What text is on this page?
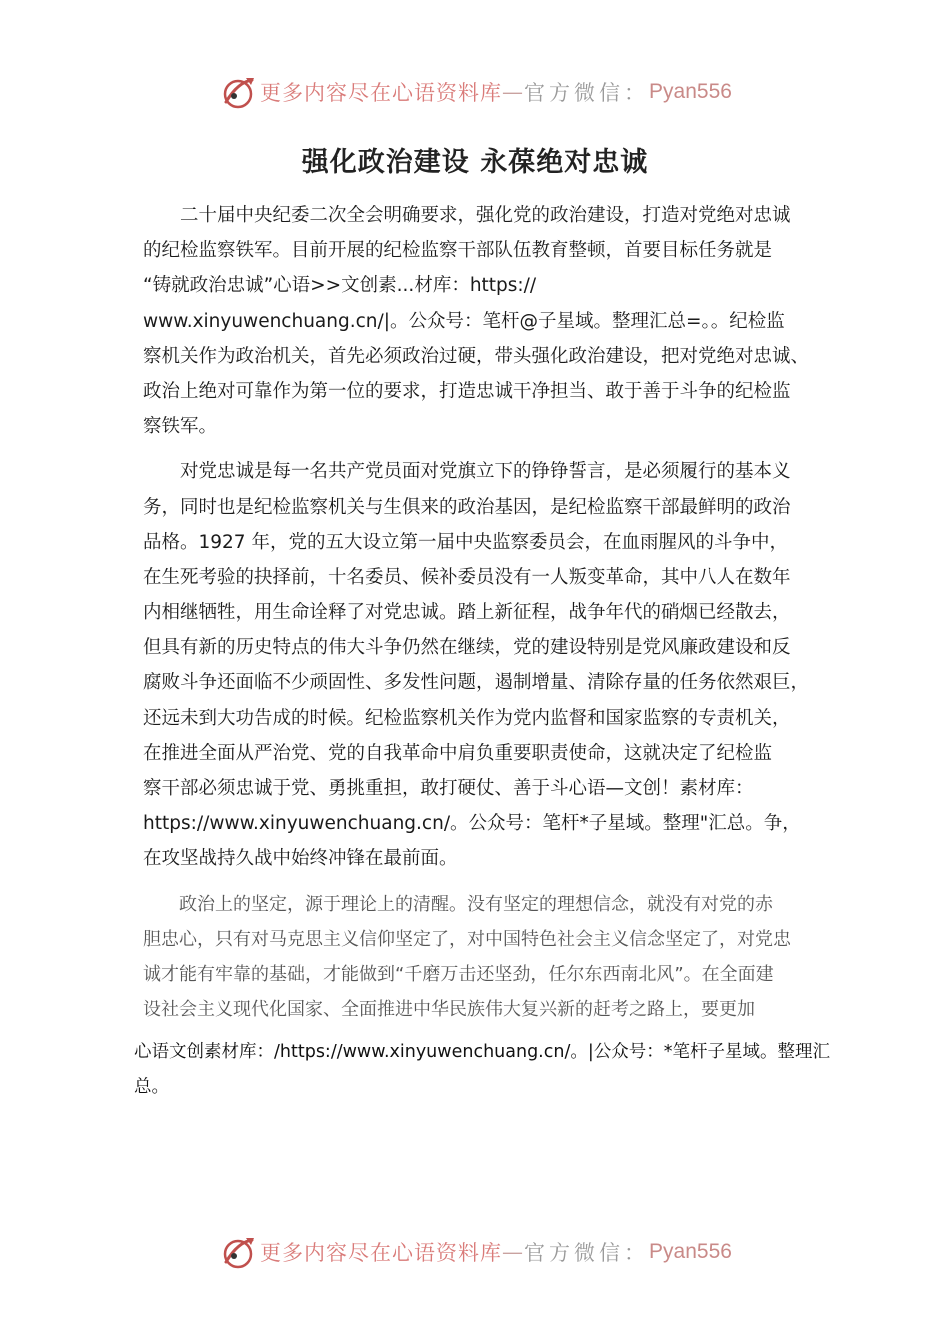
更多内容尽在心语资料库 — 官方微信： Pyan556
强化政治建设 永葆绝对忠诚
　　二十届中央纪委二次全会明确要求，强化党的政治建设，打造对党绝对忠诚
的纪检监察铁军。目前开展的纪检监察干部队伍教育整顿，首要目标任务就是
“铸就政治忠诚”心语>>文创素...材库：https://
www.xinyuwenchuang.cn/|。公众号：笔杆@子星域。整理汇总=。。纪检监
察机关作为政治机关，首先必须政治过硬，带头强化政治建设，把对党绝对忠诚、
政治上绝对可靠作为第一位的要求，打造忠诚干净担当、敢于善于斗争的纪检监
察铁军。
　　对党忠诚是每一名共产党员面对党旗立下的铮铮誓言，是必须履行的基本义
务，同时也是纪检监察机关与生俱来的政治基因，是纪检监察干部最鲜明的政治
品格。1927 年，党的五大设立第一届中央监察委员会，在血雨腥风的斗争中，
在生死考验的抉择前，十名委员、候补委员没有一人叛变革命，其中八人在数年
内相继牺牲，用生命诠释了对党忠诚。踏上新征程，战争年代的硝烟已经散去，
但具有新的历史特点的伟大斗争仍然在继续，党的建设特别是党风廉政建设和反
腐败斗争还面临不少顽固性、多发性问题，遏制增量、清除存量的任务依然艰巨，
还远未到大功告成的时候。纪检监察机关作为党内监督和国家监察的专责机关，
在推进全面从严治党、党的自我革命中肩负重要职责使命，这就决定了纪检监
察干部必须忠诚于党、勇挑重担，敢打硬仗、善于斗心语—文创！素材库：
https://www.xinyuwenchuang.cn/。公众号：笔杆*子星域。整理"汇总。争，
在攻坚战持久战中始终冲锋在最前面。
　　政治上的坚定，源于理论上的清醒。没有坚定的理想信念，就没有对党的赤
胆忠心，只有对马克思主义信仰坚定了，对中国特色社会主义信念坚定了，对党忠
诚才能有牢靠的基础，才能做到“千磨万击还坚劲，任尔东西南北风”。在全面建
设社会主义现代化国家、全面推进中华民族伟大复兴新的赶考之路上，要更加
心语文创素材库：/https://www.xinyuwenchuang.cn/。|公众号：*笔杆子星域。整理汇
总。
更多内容尽在心语资料库 — 官方微信： Pyan556
